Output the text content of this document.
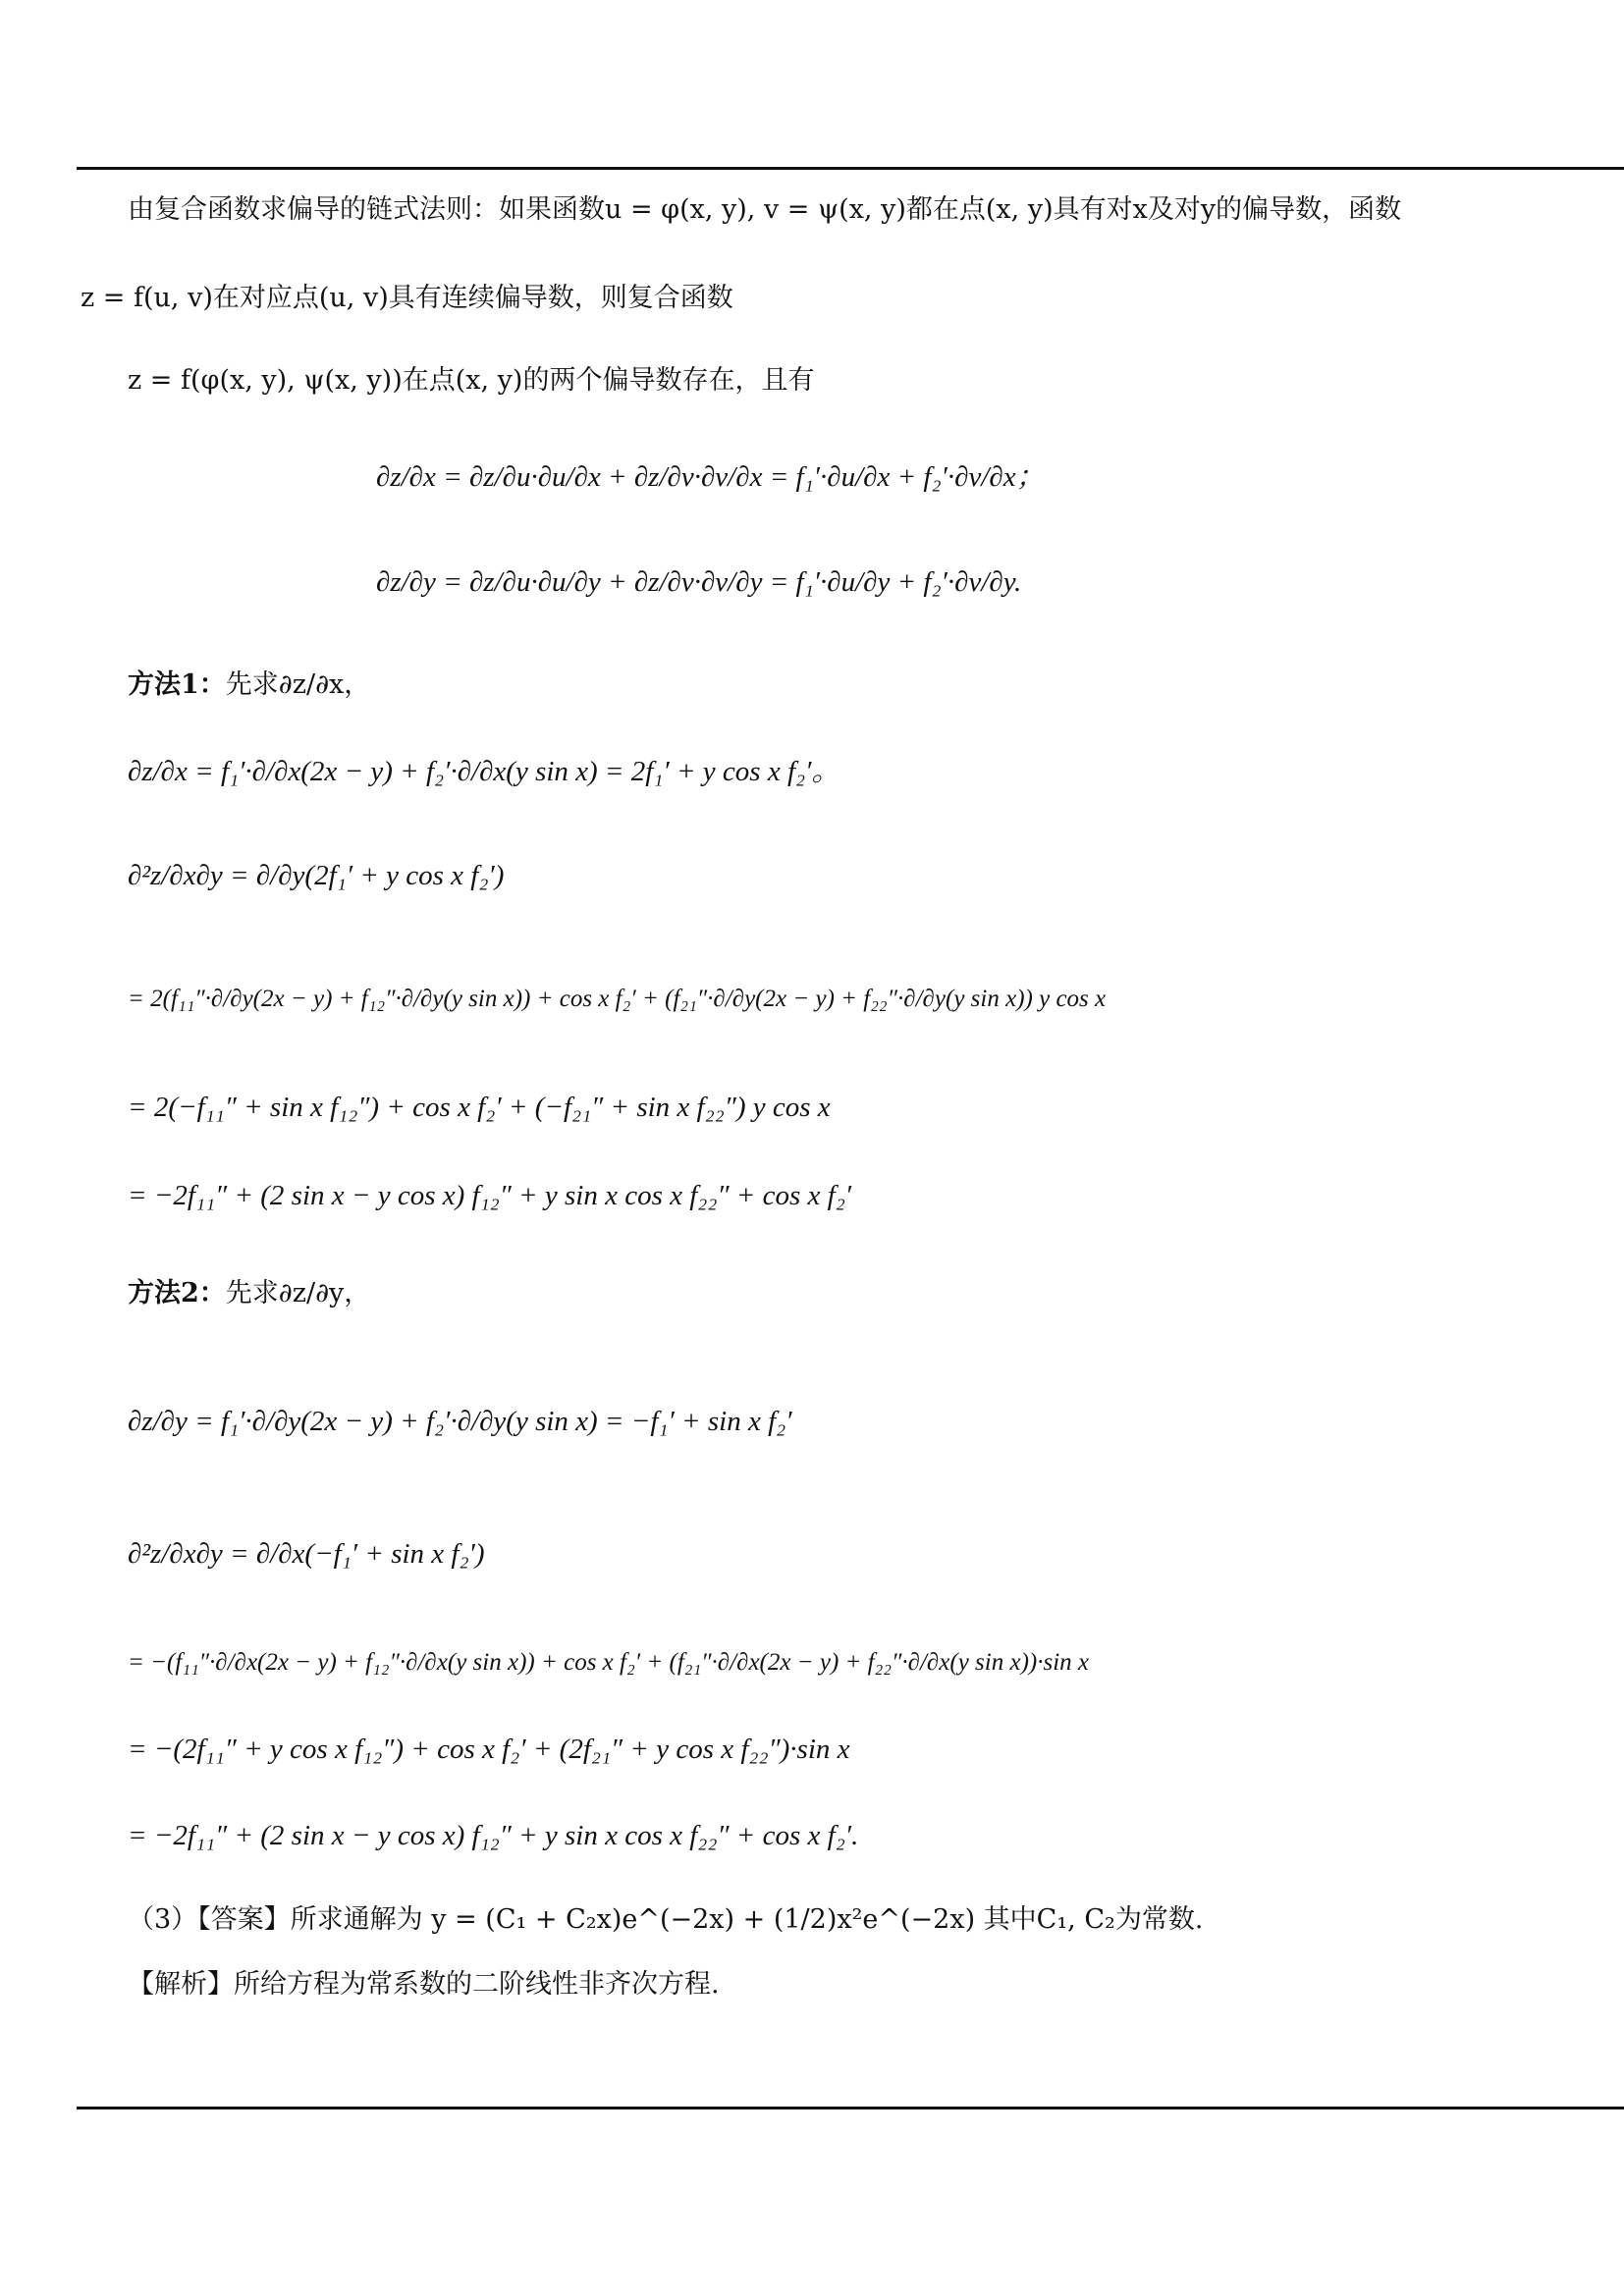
由复合函数求偏导的链式法则：如果函数u = φ(x, y), v = ψ(x, y)都在点(x, y)具有对x及对y的偏导数，函数
z = f(u, v)在对应点(u, v)具有连续偏导数，则复合函数
z = f(φ(x, y), ψ(x, y))在点(x, y)的两个偏导数存在，且有
∂z/∂x = ∂z/∂u·∂u/∂x + ∂z/∂v·∂v/∂x = f₁′·∂u/∂x + f₂′·∂v/∂x；
∂z/∂y = ∂z/∂u·∂u/∂y + ∂z/∂v·∂v/∂y = f₁′·∂u/∂y + f₂′·∂v/∂y.
方法1：先求∂z/∂x，
∂z/∂x = f₁′·∂/∂x(2x − y) + f₂′·∂/∂x(y sin x) = 2f₁′ + y cos x f₂′。
∂²z/∂x∂y = ∂/∂y(2f₁′ + y cos x f₂′)
= 2(f₁₁″·∂/∂y(2x − y) + f₁₂″·∂/∂y(y sin x)) + cos x f₂′ + (f₂₁″·∂/∂y(2x − y) + f₂₂″·∂/∂y(y sin x)) y cos x
= 2(−f₁₁″ + sin x f₁₂″) + cos x f₂′ + (−f₂₁″ + sin x f₂₂″) y cos x
= −2f₁₁″ + (2 sin x − y cos x) f₁₂″ + y sin x cos x f₂₂″ + cos x f₂′
方法2：先求∂z/∂y，
∂z/∂y = f₁′·∂/∂y(2x − y) + f₂′·∂/∂y(y sin x) = −f₁′ + sin x f₂′
∂²z/∂x∂y = ∂/∂x(−f₁′ + sin x f₂′)
= −(f₁₁″·∂/∂x(2x − y) + f₁₂″·∂/∂x(y sin x)) + cos x f₂′ + (f₂₁″·∂/∂x(2x − y) + f₂₂″·∂/∂x(y sin x))·sin x
= −(2f₁₁″ + y cos x f₁₂″) + cos x f₂′ + (2f₂₁″ + y cos x f₂₂″)·sin x
= −2f₁₁″ + (2 sin x − y cos x) f₁₂″ + y sin x cos x f₂₂″ + cos x f₂′.
（3）【答案】所求通解为 y = (C₁ + C₂x)e^(−2x) + (1/2)x²e^(−2x) 其中C₁, C₂为常数.
【解析】所给方程为常系数的二阶线性非齐次方程.
